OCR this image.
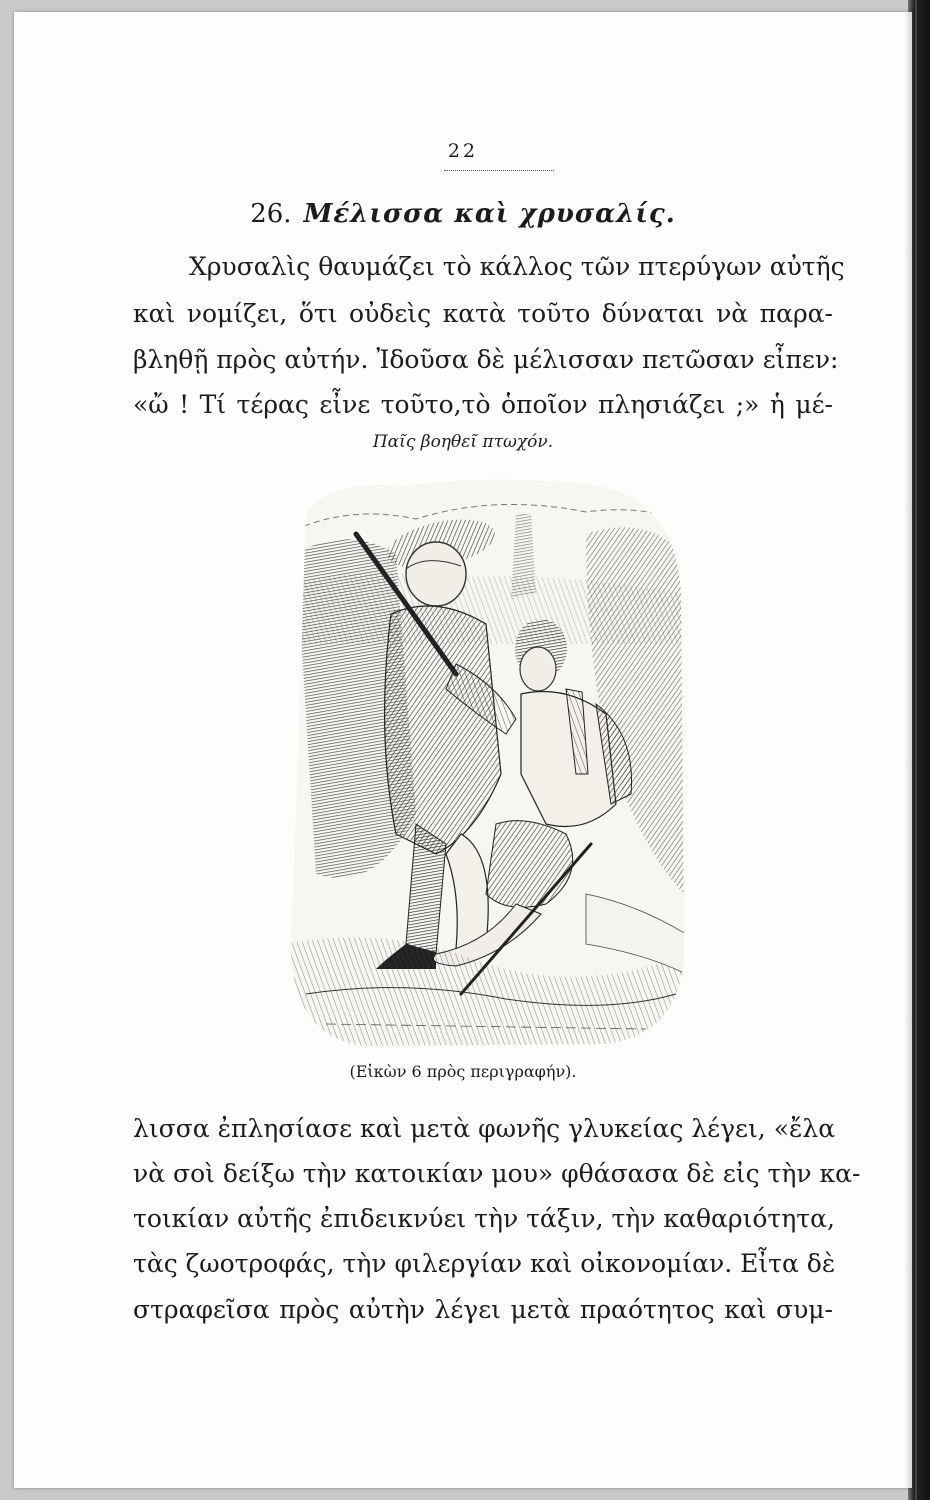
22
26. Μέλισσα καὶ χρυσαλίς.
Χρυσαλὶς θαυμάζει τὸ κάλλος τῶν πτερύγων αὐτῆς
καὶ νομίζει, ὅτι οὐδεὶς κατὰ τοῦτο δύναται νὰ παρα-
βληθῇ πρὸς αὐτήν. Ἰδοῦσα δὲ μέλισσαν πετῶσαν εἶπεν:
«ὤ ! Τί τέρας εἶνε τοῦτο,τὸ ὁποῖον πλησιάζει ;» ἡ μέ-
Παῖς βοηθεῖ πτωχόν.
(Εἰκὼν 6 πρὸς περιγραφήν).
λισσα ἐπλησίασε καὶ μετὰ φωνῆς γλυκείας λέγει, «ἔλα
νὰ σοὶ δείξω τὴν κατοικίαν μου» φθάσασα δὲ εἰς τὴν κα-
τοικίαν αὐτῆς ἐπιδεικνύει τὴν τάξιν, τὴν καθαριότητα,
τὰς ζωοτροφάς, τὴν φιλεργίαν καὶ οἰκονομίαν. Εἶτα δὲ
στραφεῖσα πρὸς αὐτὴν λέγει μετὰ πραότητος καὶ συμ-
